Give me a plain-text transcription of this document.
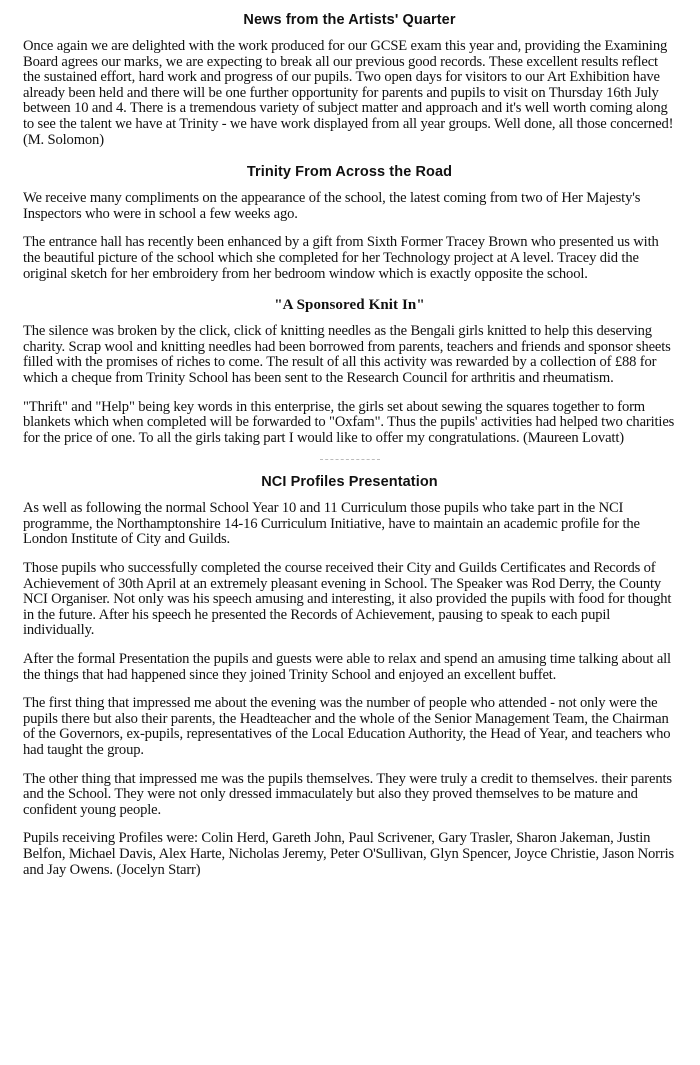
News from the Artists' Quarter

Once again we are delighted with the work produced for our GCSE exam this year and, providing the Examining Board agrees our marks, we are expecting to break all our previous good records. These excellent results reflect the sustained effort, hard work and progress of our pupils. Two open days for visitors to our Art Exhibition have already been held and there will be one further opportunity for parents and pupils to visit on Thursday 16th July between 10 and 4. There is a tremendous variety of subject matter and approach and it's well worth coming along to see the talent we have at Trinity - we have work displayed from all year groups. Well done, all those concerned! (M. Solomon)

Trinity From Across the Road

We receive many compliments on the appearance of the school, the latest coming from two of Her Majesty's Inspectors who were in school a few weeks ago.

The entrance hall has recently been enhanced by a gift from Sixth Former Tracey Brown who presented us with the beautiful picture of the school which she completed for her Technology project at A level. Tracey did the original sketch for her embroidery from her bedroom window which is exactly opposite the school.

"A Sponsored Knit In"

The silence was broken by the click, click of knitting needles as the Bengali girls knitted to help this deserving charity. Scrap wool and knitting needles had been borrowed from parents, teachers and friends and sponsor sheets filled with the promises of riches to come. The result of all this activity was rewarded by a collection of £88 for which a cheque from Trinity School has been sent to the Research Council for arthritis and rheumatism.

"Thrift" and "Help" being key words in this enterprise, the girls set about sewing the squares together to form blankets which when completed will be forwarded to "Oxfam". Thus the pupils' activities had helped two charities for the price of one. To all the girls taking part I would like to offer my congratulations. (Maureen Lovatt)

NCI Profiles Presentation

As well as following the normal School Year 10 and 11 Curriculum those pupils who take part in the NCI programme, the Northamptonshire 14-16 Curriculum Initiative, have to maintain an academic profile for the London Institute of City and Guilds.

Those pupils who successfully completed the course received their City and Guilds Certificates and Records of Achievement of 30th April at an extremely pleasant evening in School. The Speaker was Rod Derry, the County NCI Organiser. Not only was his speech amusing and interesting, it also provided the pupils with food for thought in the future. After his speech he presented the Records of Achievement, pausing to speak to each pupil individually.

After the formal Presentation the pupils and guests were able to relax and spend an amusing time talking about all the things that had happened since they joined Trinity School and enjoyed an excellent buffet.

The first thing that impressed me about the evening was the number of people who attended - not only were the pupils there but also their parents, the Headteacher and the whole of the Senior Management Team, the Chairman of the Governors, ex-pupils, representatives of the Local Education Authority, the Head of Year, and teachers who had taught the group.

The other thing that impressed me was the pupils themselves. They were truly a credit to themselves. their parents and the School. They were not only dressed immaculately but also they proved themselves to be mature and confident young people.

Pupils receiving Profiles were: Colin Herd, Gareth John, Paul Scrivener, Gary Trasler, Sharon Jakeman, Justin Belfon, Michael Davis, Alex Harte, Nicholas Jeremy, Peter O'Sullivan, Glyn Spencer, Joyce Christie, Jason Norris and Jay Owens. (Jocelyn Starr)
